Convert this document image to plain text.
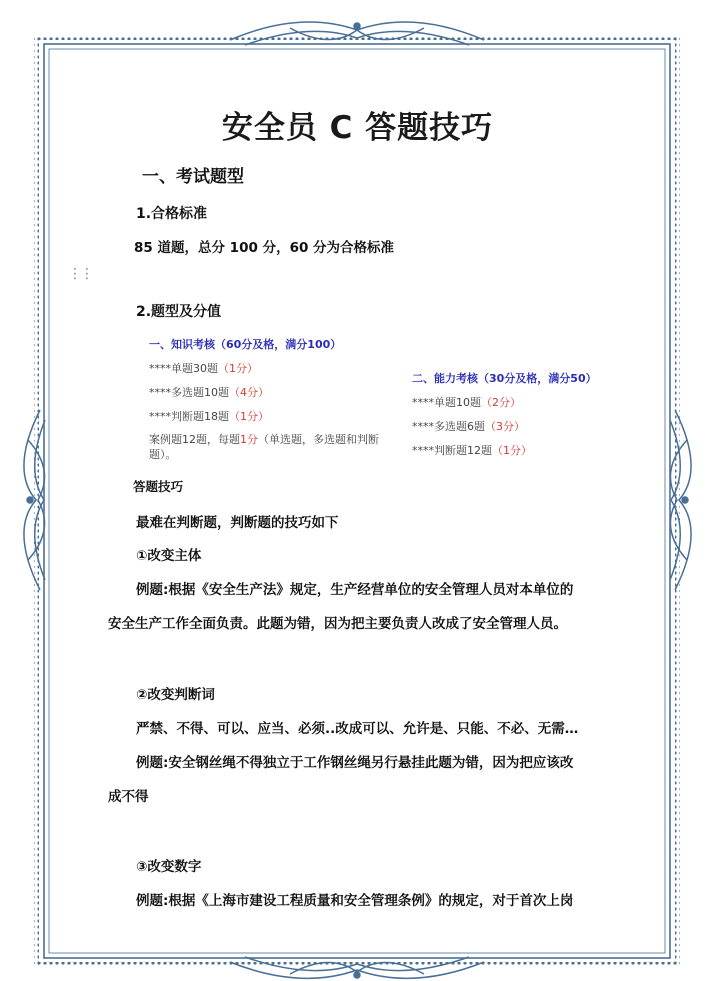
安全员 C 答题技巧
一、考试题型
1.合格标准
85 道题，总分 100 分，60 分为合格标准
⋮⋮
2.题型及分值
一、知识考核（60分及格，满分100）
****单题30题（1分）
****多选题10题（4分）
****判断题18题（1分）
案例题12题，每题1分（单选题，多选题和判断题）。
二、能力考核（30分及格，满分50）
****单题10题（2分）
****多选题6题（3分）
****判断题12题（1分）
答题技巧
最难在判断题，判断题的技巧如下
①改变主体
例题:根据《安全生产法》规定，生产经营单位的安全管理人员对本单位的
安全生产工作全面负责。此题为错，因为把主要负责人改成了安全管理人员。
②改变判断词
严禁、不得、可以、应当、必须..改成可以、允许是、只能、不必、无需…
例题:安全钢丝绳不得独立于工作钢丝绳另行悬挂此题为错，因为把应该改
成不得
③改变数字
例题:根据《上海市建设工程质量和安全管理条例》的规定，对于首次上岗
